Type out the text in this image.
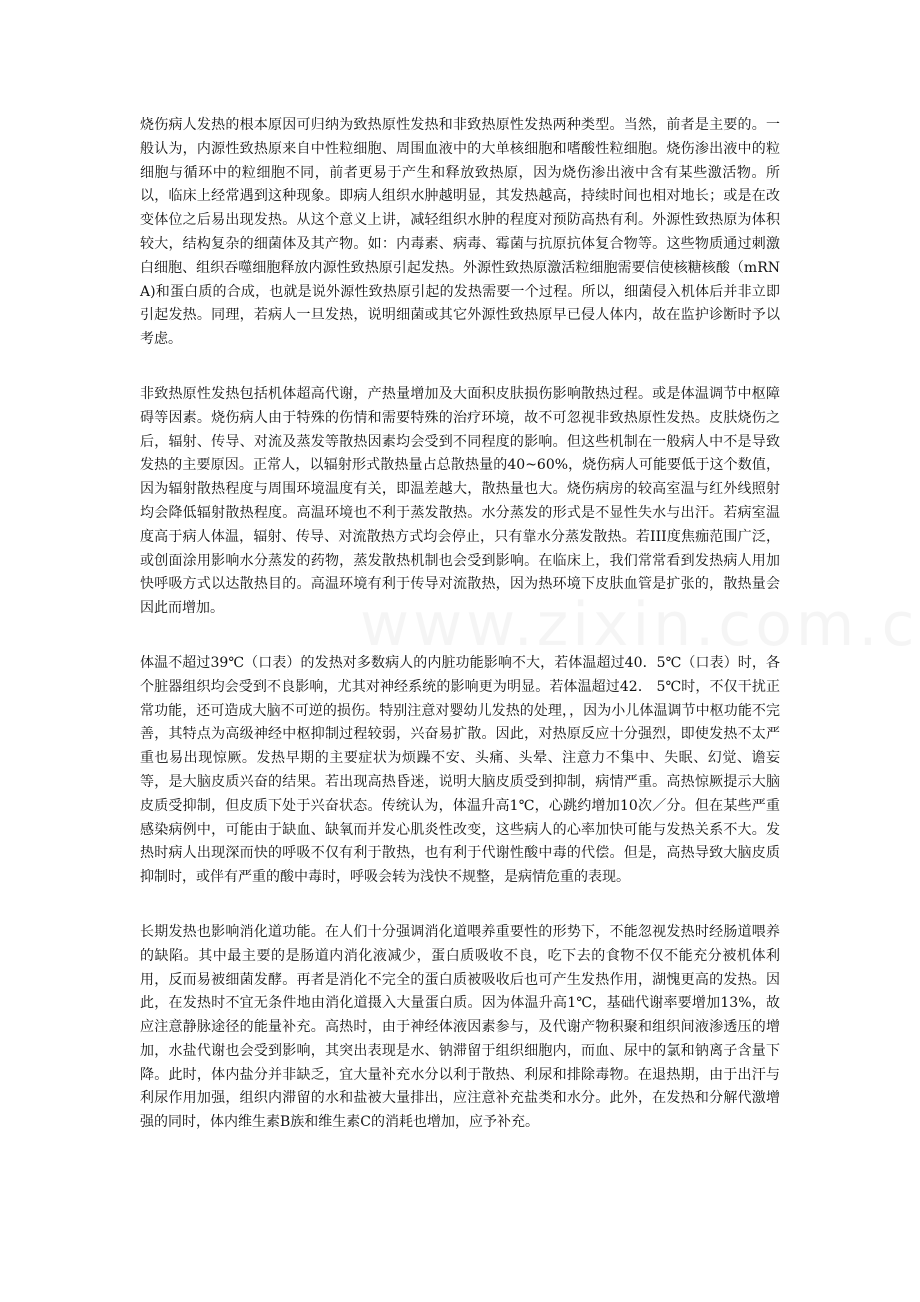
烧伤病人发热的根本原因可归纳为致热原性发热和非致热原性发热两种类型。当然，前者是主要的。一般认为，内源性致热原来自中性粒细胞、周围血液中的大单核细胞和嗜酸性粒细胞。烧伤渗出液中的粒细胞与循环中的粒细胞不同，前者更易于产生和释放致热原，因为烧伤渗出液中含有某些激活物。所以，临床上经常遇到这种现象。即病人组织水肿越明显，其发热越高，持续时间也相对地长；或是在改变体位之后易出现发热。从这个意义上讲，减轻组织水肿的程度对预防高热有利。外源性致热原为体积较大，结构复杂的细菌体及其产物。如：内毒素、病毒、霉菌与抗原抗体复合物等。这些物质通过刺激白细胞、组织吞噬细胞释放内源性致热原引起发热。外源性致热原激活粒细胞需要信使核糖核酸（mRNA)和蛋白质的合成，也就是说外源性致热原引起的发热需要一个过程。所以，细菌侵入机体后并非立即引起发热。同理，若病人一旦发热，说明细菌或其它外源性致热原早已侵人体内，故在监护诊断时予以考虑。

非致热原性发热包括机体超高代谢，产热量增加及大面积皮肤损伤影响散热过程。或是体温调节中枢障碍等因素。烧伤病人由于特殊的伤情和需要特殊的治疗环境，故不可忽视非致热原性发热。皮肤烧伤之后，辐射、传导、对流及蒸发等散热因素均会受到不同程度的影响。但这些机制在一般病人中不是导致发热的主要原因。正常人，以辐射形式散热量占总散热量的40~60%，烧伤病人可能要低于这个数值，因为辐射散热程度与周围环境温度有关，即温差越大，散热量也大。烧伤病房的较高室温与红外线照射均会降低辐射散热程度。高温环境也不利于蒸发散热。水分蒸发的形式是不显性失水与出汗。若病室温度高于病人体温，辐射、传导、对流散热方式均会停止，只有靠水分蒸发散热。若III度焦痂范围广泛，或创面涂用影响水分蒸发的药物，蒸发散热机制也会受到影响。在临床上，我们常常看到发热病人用加快呼吸方式以达散热目的。高温环境有利于传导对流散热，因为热环境下皮肤血管是扩张的，散热量会因此而增加。

体温不超过39℃（口表）的发热对多数病人的内脏功能影响不大，若体温超过40．5℃（口表）时，各个脏器组织均会受到不良影响，尤其对神经系统的影响更为明显。若体温超过42． 5℃时，不仅干扰正常功能，还可造成大脑不可逆的损伤。特别注意对婴幼儿发热的处理，，因为小儿体温调节中枢功能不完善，其特点为高级神经中枢抑制过程较弱，兴奋易扩散。因此，对热原反应十分强烈，即使发热不太严重也易出现惊厥。发热早期的主要症状为烦躁不安、头痛、头晕、注意力不集中、失眠、幻觉、谵妄等，是大脑皮质兴奋的结果。若出现高热昏迷，说明大脑皮质受到抑制，病情严重。高热惊厥提示大脑皮质受抑制，但皮质下处于兴奋状态。传统认为，体温升高1℃，心跳约增加10次／分。但在某些严重感染病例中，可能由于缺血、缺氧而并发心肌炎性改变，这些病人的心率加快可能与发热关系不大。发热时病人出现深而快的呼吸不仅有利于散热，也有利于代谢性酸中毒的代偿。但是，高热导致大脑皮质抑制时，或伴有严重的酸中毒时，呼吸会转为浅快不规整，是病情危重的表现。

长期发热也影响消化道功能。在人们十分强调消化道喂养重要性的形势下，不能忽视发热时经肠道喂养的缺陷。其中最主要的是肠道内消化液减少，蛋白质吸收不良，吃下去的食物不仅不能充分被机体利用，反而易被细菌发酵。再者是消化不完全的蛋白质被吸收后也可产生发热作用，湖愧更高的发热。因此，在发热时不宜无条件地由消化道摄入大量蛋白质。因为体温升高1℃，基础代谢率要增加13%，故应注意静脉途径的能量补充。高热时，由于神经体液因素参与，及代谢产物积聚和组织间液渗透压的增加，水盐代谢也会受到影响，其突出表现是水、钠滞留于组织细胞内，而血、尿中的氯和钠离子含量下降。此时，体内盐分并非缺乏，宜大量补充水分以利于散热、利尿和排除毒物。在退热期，由于出汗与利尿作用加强，组织内滞留的水和盐被大量排出，应注意补充盐类和水分。此外，在发热和分解代激增强的同时，体内维生素B族和维生素C的消耗也增加，应予补充。
